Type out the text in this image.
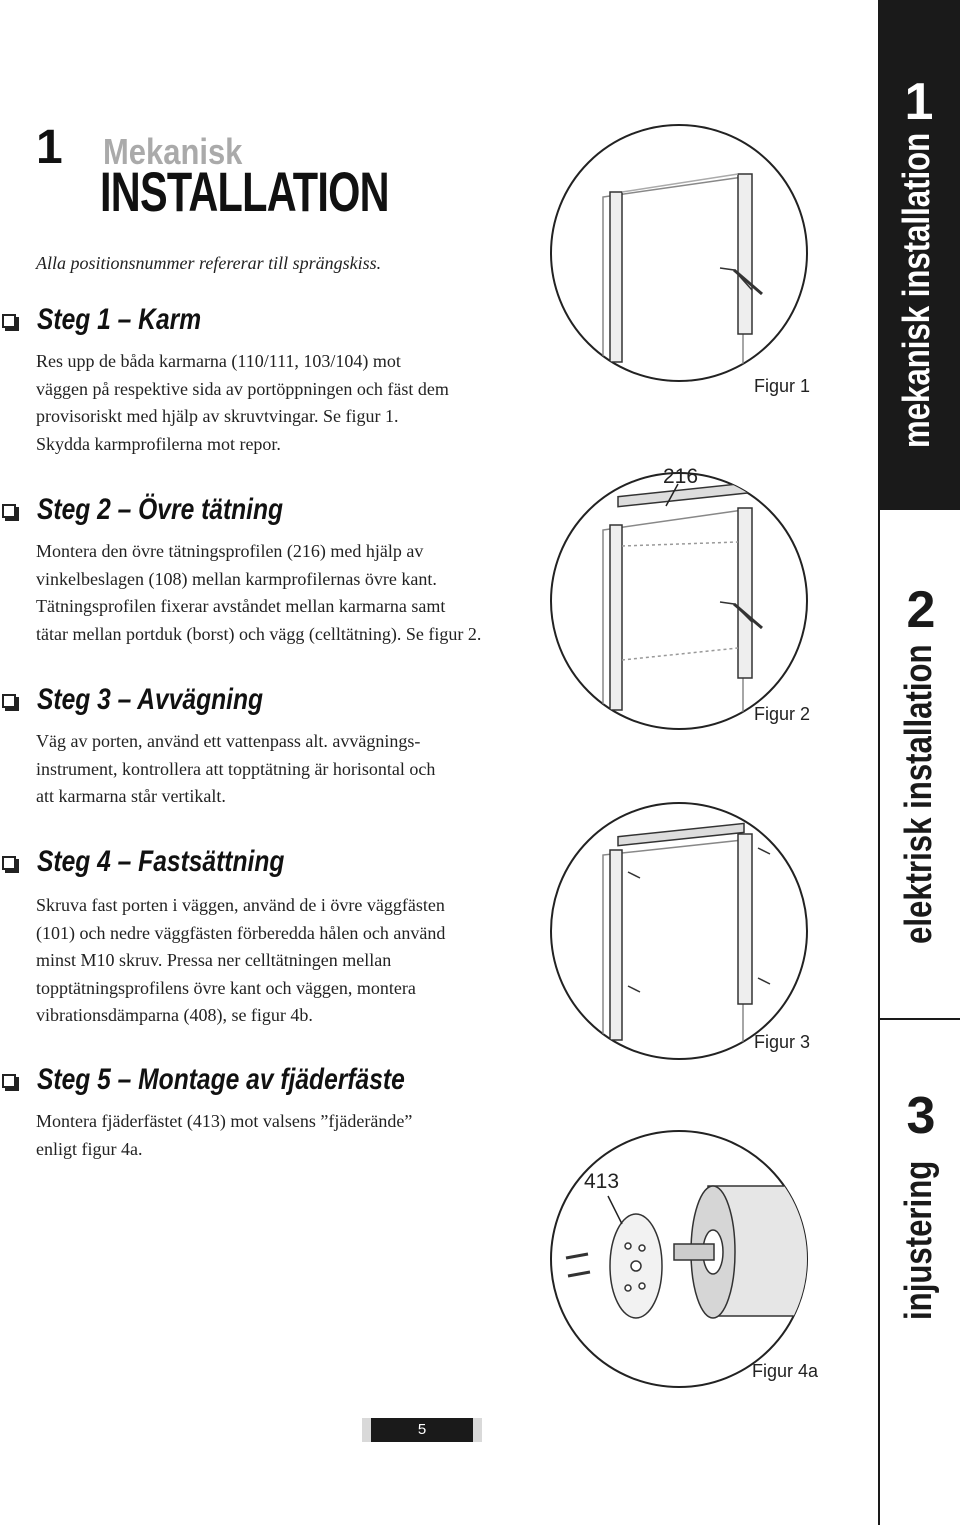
1 Mekanisk
INSTALLATION
Alla positionsnummer refererar till sprängskiss.
Steg 1 – Karm
Res upp de båda karmarna (110/111, 103/104) mot
väggen på respektive sida av portöppningen och fäst dem
provisoriskt med hjälp av skruvtvingar. Se figur 1.
Skydda karmprofilerna mot repor.
Steg 2 – Övre tätning
Montera den övre tätningsprofilen (216) med hjälp av
vinkelbeslagen (108) mellan karmprofilernas övre kant.
Tätningsprofilen fixerar avståndet mellan karmarna samt
tätar mellan portduk (borst) och vägg (celltätning). Se figur 2.
Steg 3 – Avvägning
Väg av porten, använd ett vattenpass alt. avvägnings-
instrument, kontrollera att topptätning är horisontal och
att karmarna står vertikalt.
Steg 4 – Fastsättning
Skruva fast porten i väggen, använd de i övre väggfästen
(101) och nedre väggfästen förberedda hålen och använd
minst M10 skruv. Pressa ner celltätningen mellan
topptätningsprofilens övre kant och väggen, montera
vibrationsdämparna (408), se figur 4b.
Steg 5 – Montage av fjäderfäste
Montera fjäderfästet (413) mot valsens ”fjäderände”
enligt figur 4a.
Figur 1
216
Figur 2
Figur 3
413
Figur 4a
1
mekanisk installation
2
elektrisk installation
3
injustering
5
